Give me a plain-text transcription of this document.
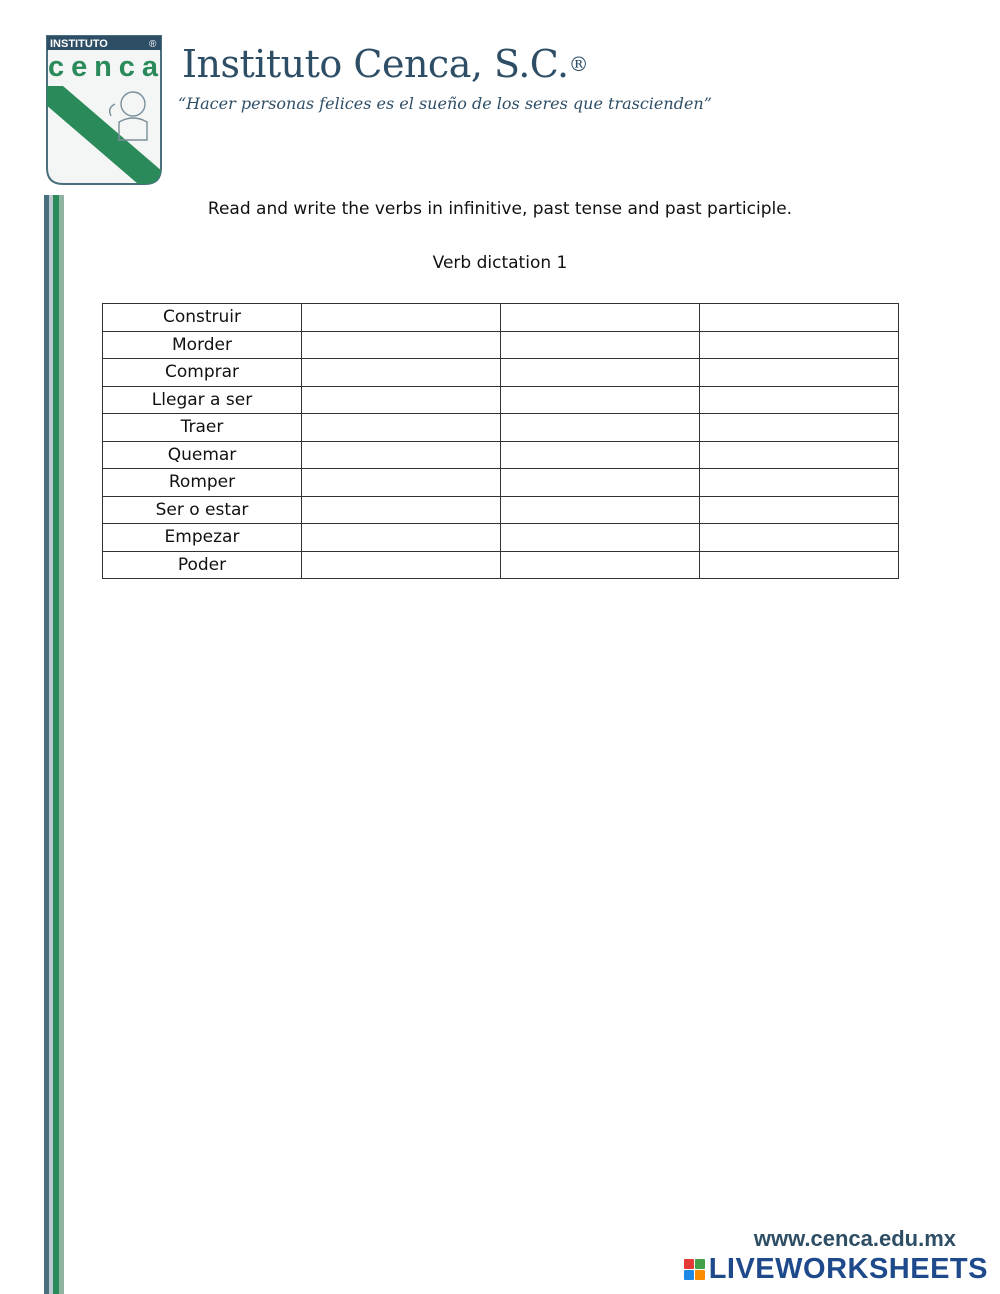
INSTITUTO	®
cenca Instituto Cenca, S.C.®

“Hacer personas felices es el sueño de los seres que trascienden”

Read and write the verbs in infinitive, past tense and past participle.

Verb dictation 1

Construir			
Morder			
Comprar			
Llegar a ser			
Traer			
Quemar			
Romper			
Ser o estar			
Empezar			
Poder			

www.cenca.edu.mx

LIVEWORKSHEETS
